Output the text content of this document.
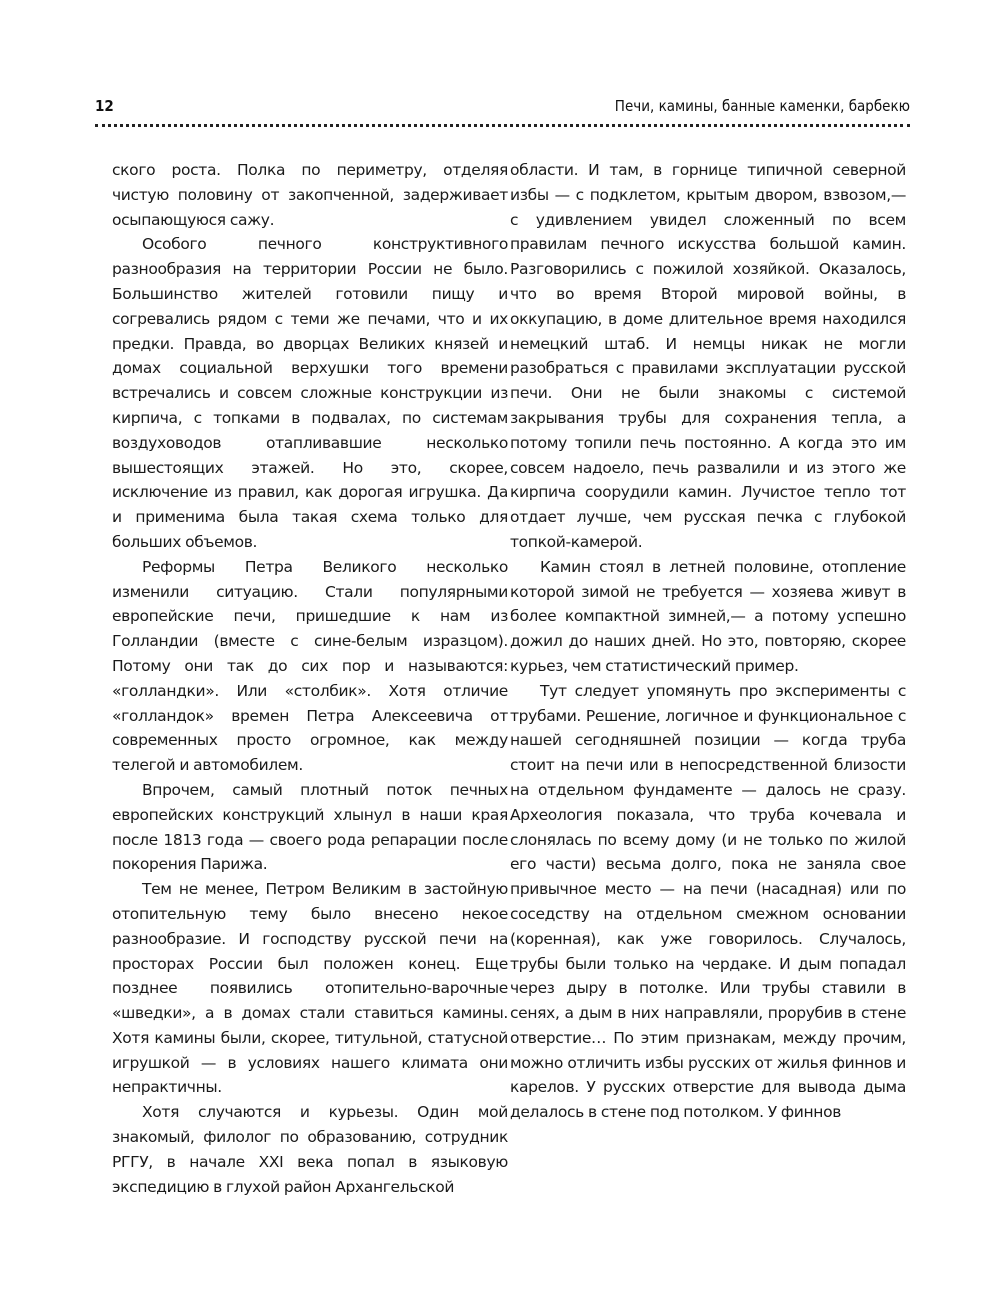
12	Печи, камины, банные каменки, барбекю

ского роста. Полка по периметру, отделяя чистую половину от закопченной, задерживает осыпающуюся сажу.

Особого печного конструктивного разнообразия на территории России не было. Большинство жителей готовили пищу и согревались рядом с теми же печами, что и их предки. Правда, во дворцах Великих князей и домах социальной верхушки того времени встречались и совсем сложные конструкции из кирпича, с топками в подвалах, по системам воздуховодов отапливавшие несколько вышестоящих этажей. Но это, скорее, исключение из правил, как дорогая игрушка. Да и применима была такая схема только для больших объемов.

Реформы Петра Великого несколько изменили ситуацию. Стали популярными европейские печи, пришедшие к нам из Голландии (вместе с сине-белым изразцом). Потому они так до сих пор и называются: «голландки». Или «столбик». Хотя отличие «голландок» времен Петра Алексеевича от современных просто огромное, как между телегой и автомобилем.

Впрочем, самый плотный поток печных европейских конструкций хлынул в наши края после 1813 года — своего рода репарации после покорения Парижа.

Тем не менее, Петром Великим в застойную отопительную тему было внесено некое разнообразие. И господству русской печи на просторах России был положен конец. Еще позднее появились отопительно-варочные «шведки», а в домах стали ставиться камины. Хотя камины были, скорее, титульной, статусной игрушкой — в условиях нашего климата они непрактичны.

Хотя случаются и курьезы. Один мой знакомый, филолог по образованию, сотрудник РГГУ, в начале XXI века попал в языковую экспедицию в глухой район Архангельской

области. И там, в горнице типичной северной избы — с подклетом, крытым двором, взвозом,— с удивлением увидел сложенный по всем правилам печного искусства большой камин. Разговорились с пожилой хозяйкой. Оказалось, что во время Второй мировой войны, в оккупацию, в доме длительное время находился немецкий штаб. И немцы никак не могли разобраться с правилами эксплуатации русской печи. Они не были знакомы с системой закрывания трубы для сохранения тепла, а потому топили печь постоянно. А когда это им совсем надоело, печь развалили и из этого же кирпича соорудили камин. Лучистое тепло тот отдает лучше, чем русская печка с глубокой топкой-камерой.

Камин стоял в летней половине, отопление которой зимой не требуется — хозяева живут в более компактной зимней,— а потому успешно дожил до наших дней. Но это, повторяю, скорее курьез, чем статистический пример.

Тут следует упомянуть про эксперименты с трубами. Решение, логичное и функциональное с нашей сегодняшней позиции — когда труба стоит на печи или в непосредственной близости на отдельном фундаменте — далось не сразу. Археология показала, что труба кочевала и слонялась по всему дому (и не только по жилой его части) весьма долго, пока не заняла свое привычное место — на печи (насадная) или по соседству на отдельном смежном основании (коренная), как уже говорилось. Случалось, трубы были только на чердаке. И дым попадал через дыру в потолке. Или трубы ставили в сенях, а дым в них направляли, прорубив в стене отверстие… По этим признакам, между прочим, можно отличить избы русских от жилья финнов и карелов. У русских отверстие для вывода дыма делалось в стене под потолком. У финнов
